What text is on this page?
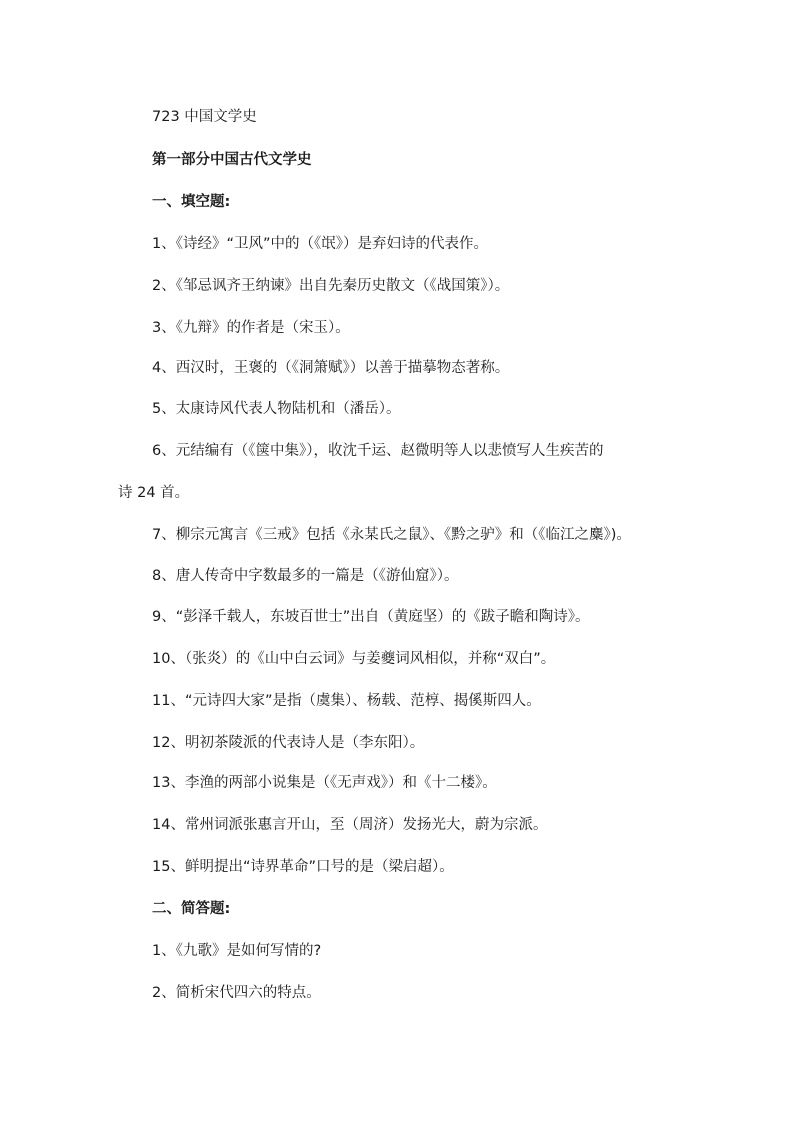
723 中国文学史
第一部分中国古代文学史
一、填空题:
1、《诗经》“卫风”中的（《氓》）是弃妇诗的代表作。
2、《邹忌讽齐王纳谏》出自先秦历史散文（《战国策》）。
3、《九辩》的作者是（宋玉）。
4、西汉时，王褒的（《洞箫赋》）以善于描摹物态著称。
5、太康诗风代表人物陆机和（潘岳）。
6、元结编有（《箧中集》），收沈千运、赵微明等人以悲愤写人生疾苦的
诗 24 首。
7、柳宗元寓言《三戒》包括《永某氏之鼠》、《黔之驴》和（《临江之麋》)。
8、唐人传奇中字数最多的一篇是（《游仙窟》）。
9、“彭泽千载人，东坡百世士”出自（黄庭坚）的《跋子瞻和陶诗》。
10、（张炎）的《山中白云词》与姜夔词风相似，并称“双白”。
11、“元诗四大家”是指（虞集）、杨载、范椁、揭傒斯四人。
12、明初茶陵派的代表诗人是（李东阳）。
13、李渔的两部小说集是（《无声戏》）和《十二楼》。
14、常州词派张惠言开山，至（周济）发扬光大，蔚为宗派。
15、鲜明提出“诗界革命”口号的是（梁启超）。
二、简答题:
1、《九歌》是如何写情的?
2、简析宋代四六的特点。
